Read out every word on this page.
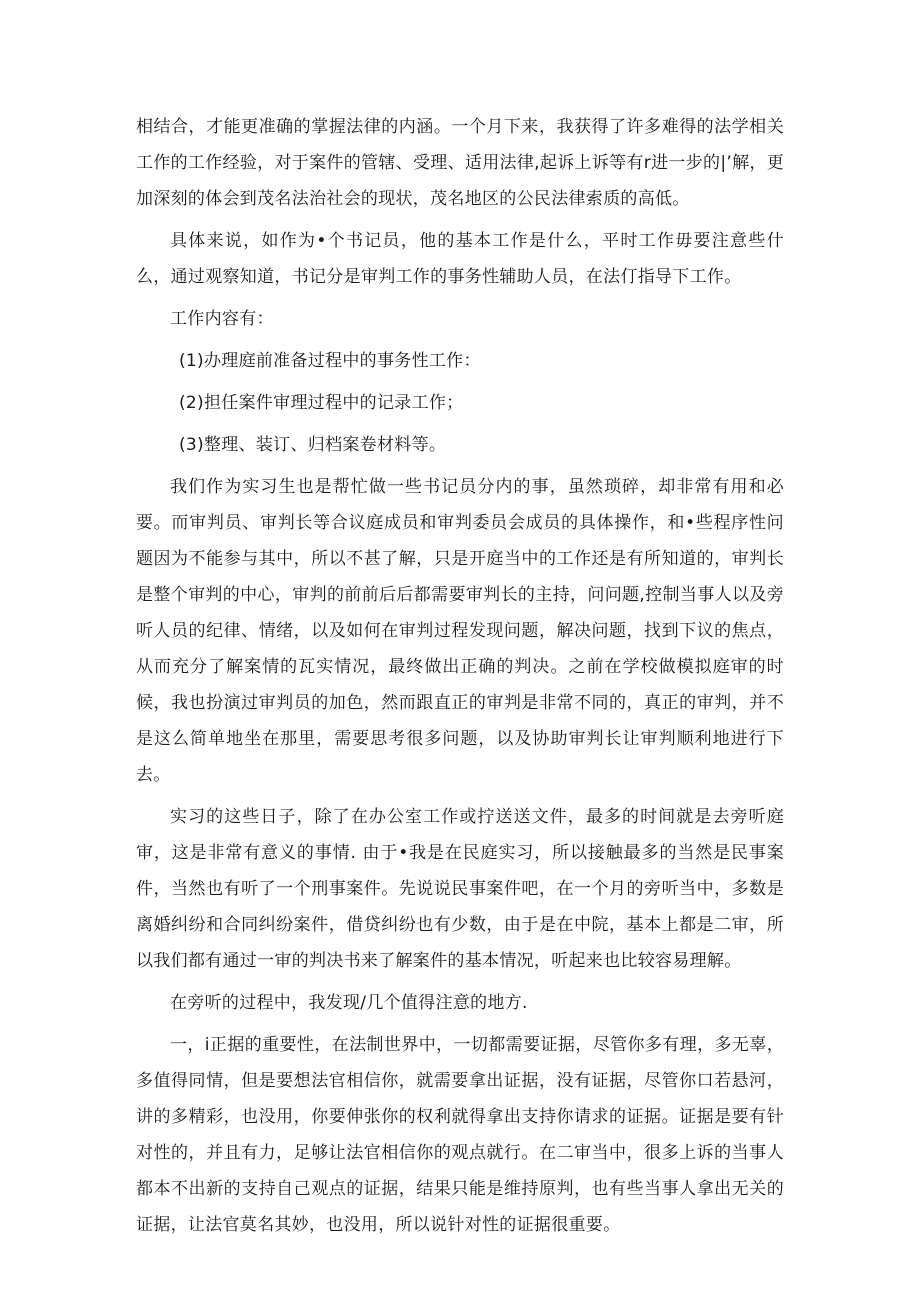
相结合，才能更准确的掌握法律的内涵。一个月下来，我获得了许多难得的法学相关工作的工作经验，对于案件的管辖、受理、适用法律,起诉上诉等有r进一步的|’解，更加深刻的体会到茂名法治社会的现状，茂名地区的公民法律索质的高低。

具体来说，如作为•个书记员，他的基本工作是什么，平时工作毋要注意些什么，通过观察知道，书记分是审判工作的事务性辅助人员，在法仃指导下工作。

工作内容有：

(1)办理庭前准备过程中的事务性工作：

(2)担任案件审理过程中的记录工作；

(3)整理、装订、归档案卷材料等。

我们作为实习生也是帮忙做一些书记员分内的事，虽然琐碎，却非常有用和必要。而审判员、审判长等合议庭成员和审判委员会成员的具体操作，和•些程序性问题因为不能参与其中，所以不甚了解，只是开庭当中的工作还是有所知道的，审判长是整个审判的中心，审判的前前后后都需要审判长的主持，问问题,控制当事人以及旁听人员的纪律、情绪，以及如何在审判过程发现问题，解决问题，找到下议的焦点，从而充分了解案情的瓦实情况，最终做出正确的判决。之前在学校做模拟庭审的时候，我也扮演过审判员的加色，然而跟直正的审判是非常不同的，真正的审判，并不是这么简单地坐在那里，需要思考很多问题，以及协助审判长让审判顺利地进行下去。

实习的这些日子，除了在办公室工作或拧送送文件，最多的时间就是去旁听庭审，这是非常有意义的事情. 由于•我是在民庭实习，所以接触最多的当然是民事案件，当然也有听了一个刑事案件。先说说民事案件吧，在一个月的旁听当中，多数是离婚纠纷和合同纠纷案件，借贷纠纷也有少数，由于是在中院，基本上都是二审，所以我们都有通过一审的判决书来了解案件的基本情况，听起来也比较容易理解。

在旁听的过程中，我发现/几个值得注意的地方.

一，i正据的重要性，在法制世界中，一切都需要证据，尽管你多有理，多无辜，多值得同情，但是要想法官相信你，就需要拿出证据，没有证据，尽管你口若悬河，讲的多精彩，也没用，你要伸张你的权利就得拿出支持你请求的证据。证据是要有针对性的，并且有力，足够让法官相信你的观点就行。在二审当中，很多上诉的当事人都本不出新的支持自己观点的证据，结果只能是维持原判，也有些当事人拿出无关的证据，让法官莫名其妙，也没用，所以说针对性的证据很重要。
